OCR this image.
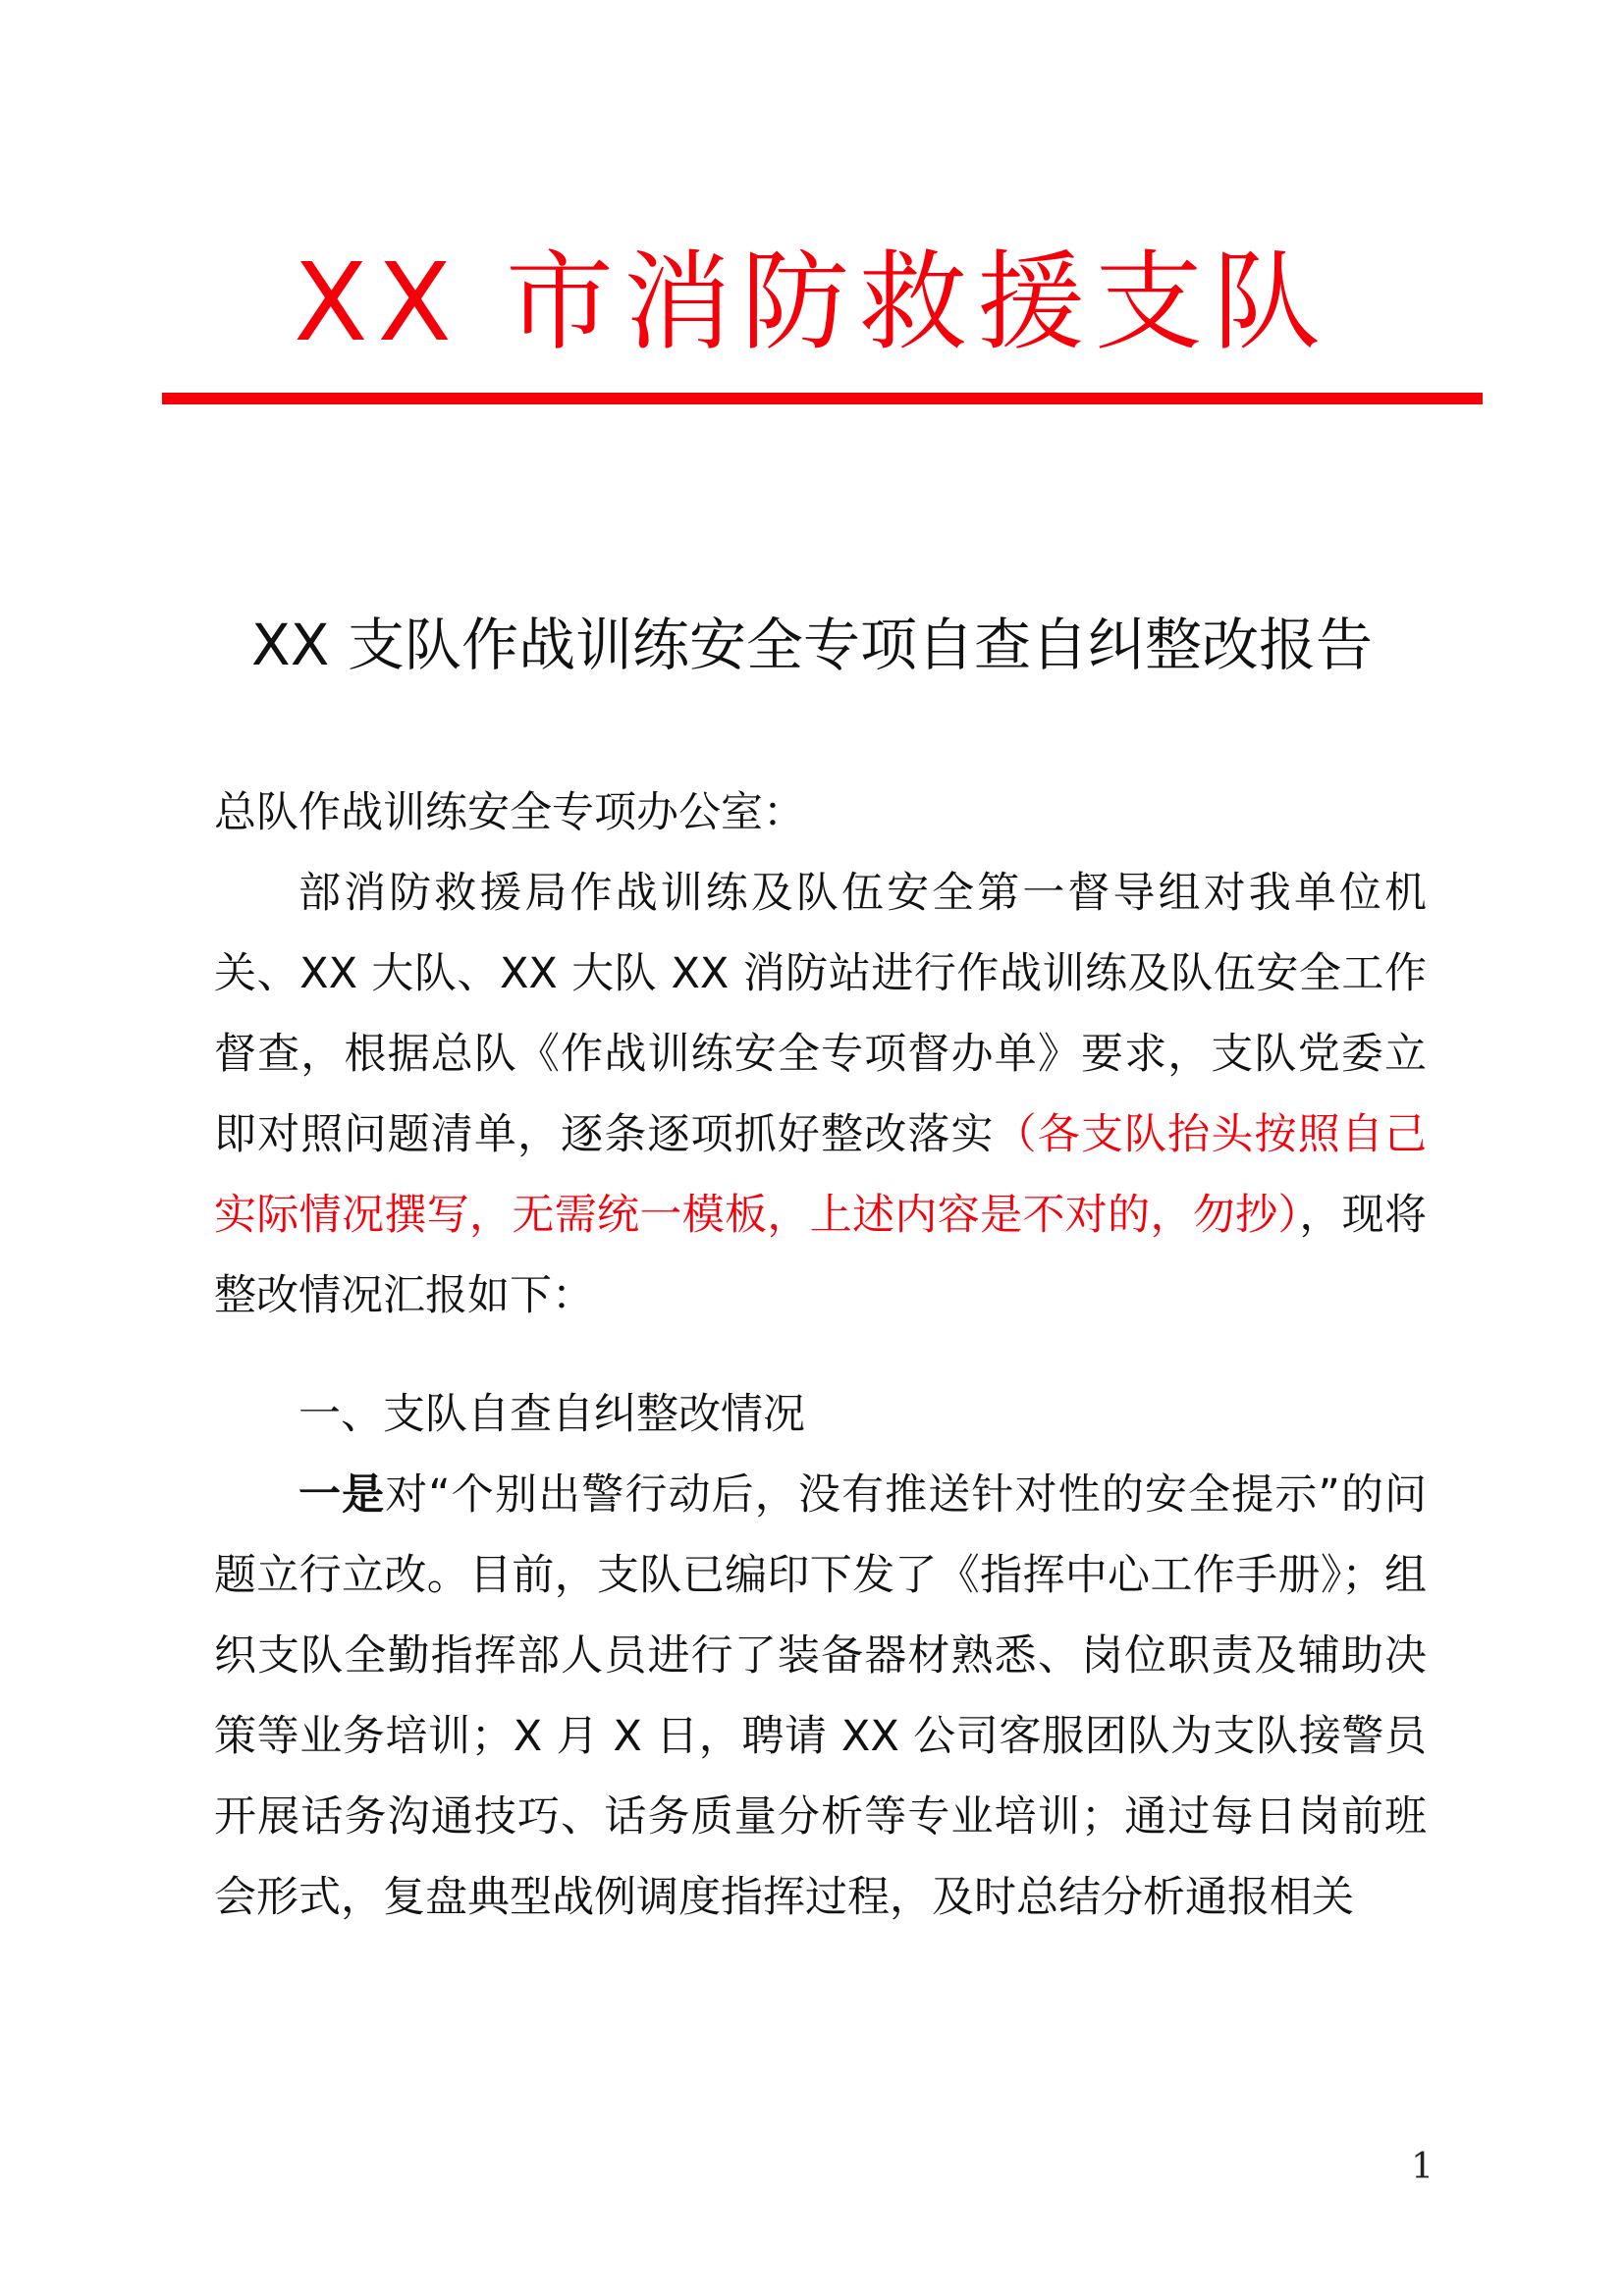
XX 市消防救援支队
XX 支队作战训练安全专项自查自纠整改报告
总队作战训练安全专项办公室：
部消防救援局作战训练及队伍安全第一督导组对我单位机关、XX 大队、XX 大队 XX 消防站进行作战训练及队伍安全工作督查，根据总队《作战训练安全专项督办单》要求，支队党委立即对照问题清单，逐条逐项抓好整改落实（各支队抬头按照自己实际情况撰写，无需统一模板，上述内容是不对的，勿抄），现将整改情况汇报如下：
一、支队自查自纠整改情况
一是对“个别出警行动后，没有推送针对性的安全提示”的问题立行立改。目前，支队已编印下发了《指挥中心工作手册》；组织支队全勤指挥部人员进行了装备器材熟悉、岗位职责及辅助决策等业务培训；X 月 X 日，聘请 XX 公司客服团队为支队接警员开展话务沟通技巧、话务质量分析等专业培训；通过每日岗前班会形式，复盘典型战例调度指挥过程，及时总结分析通报相关
1
